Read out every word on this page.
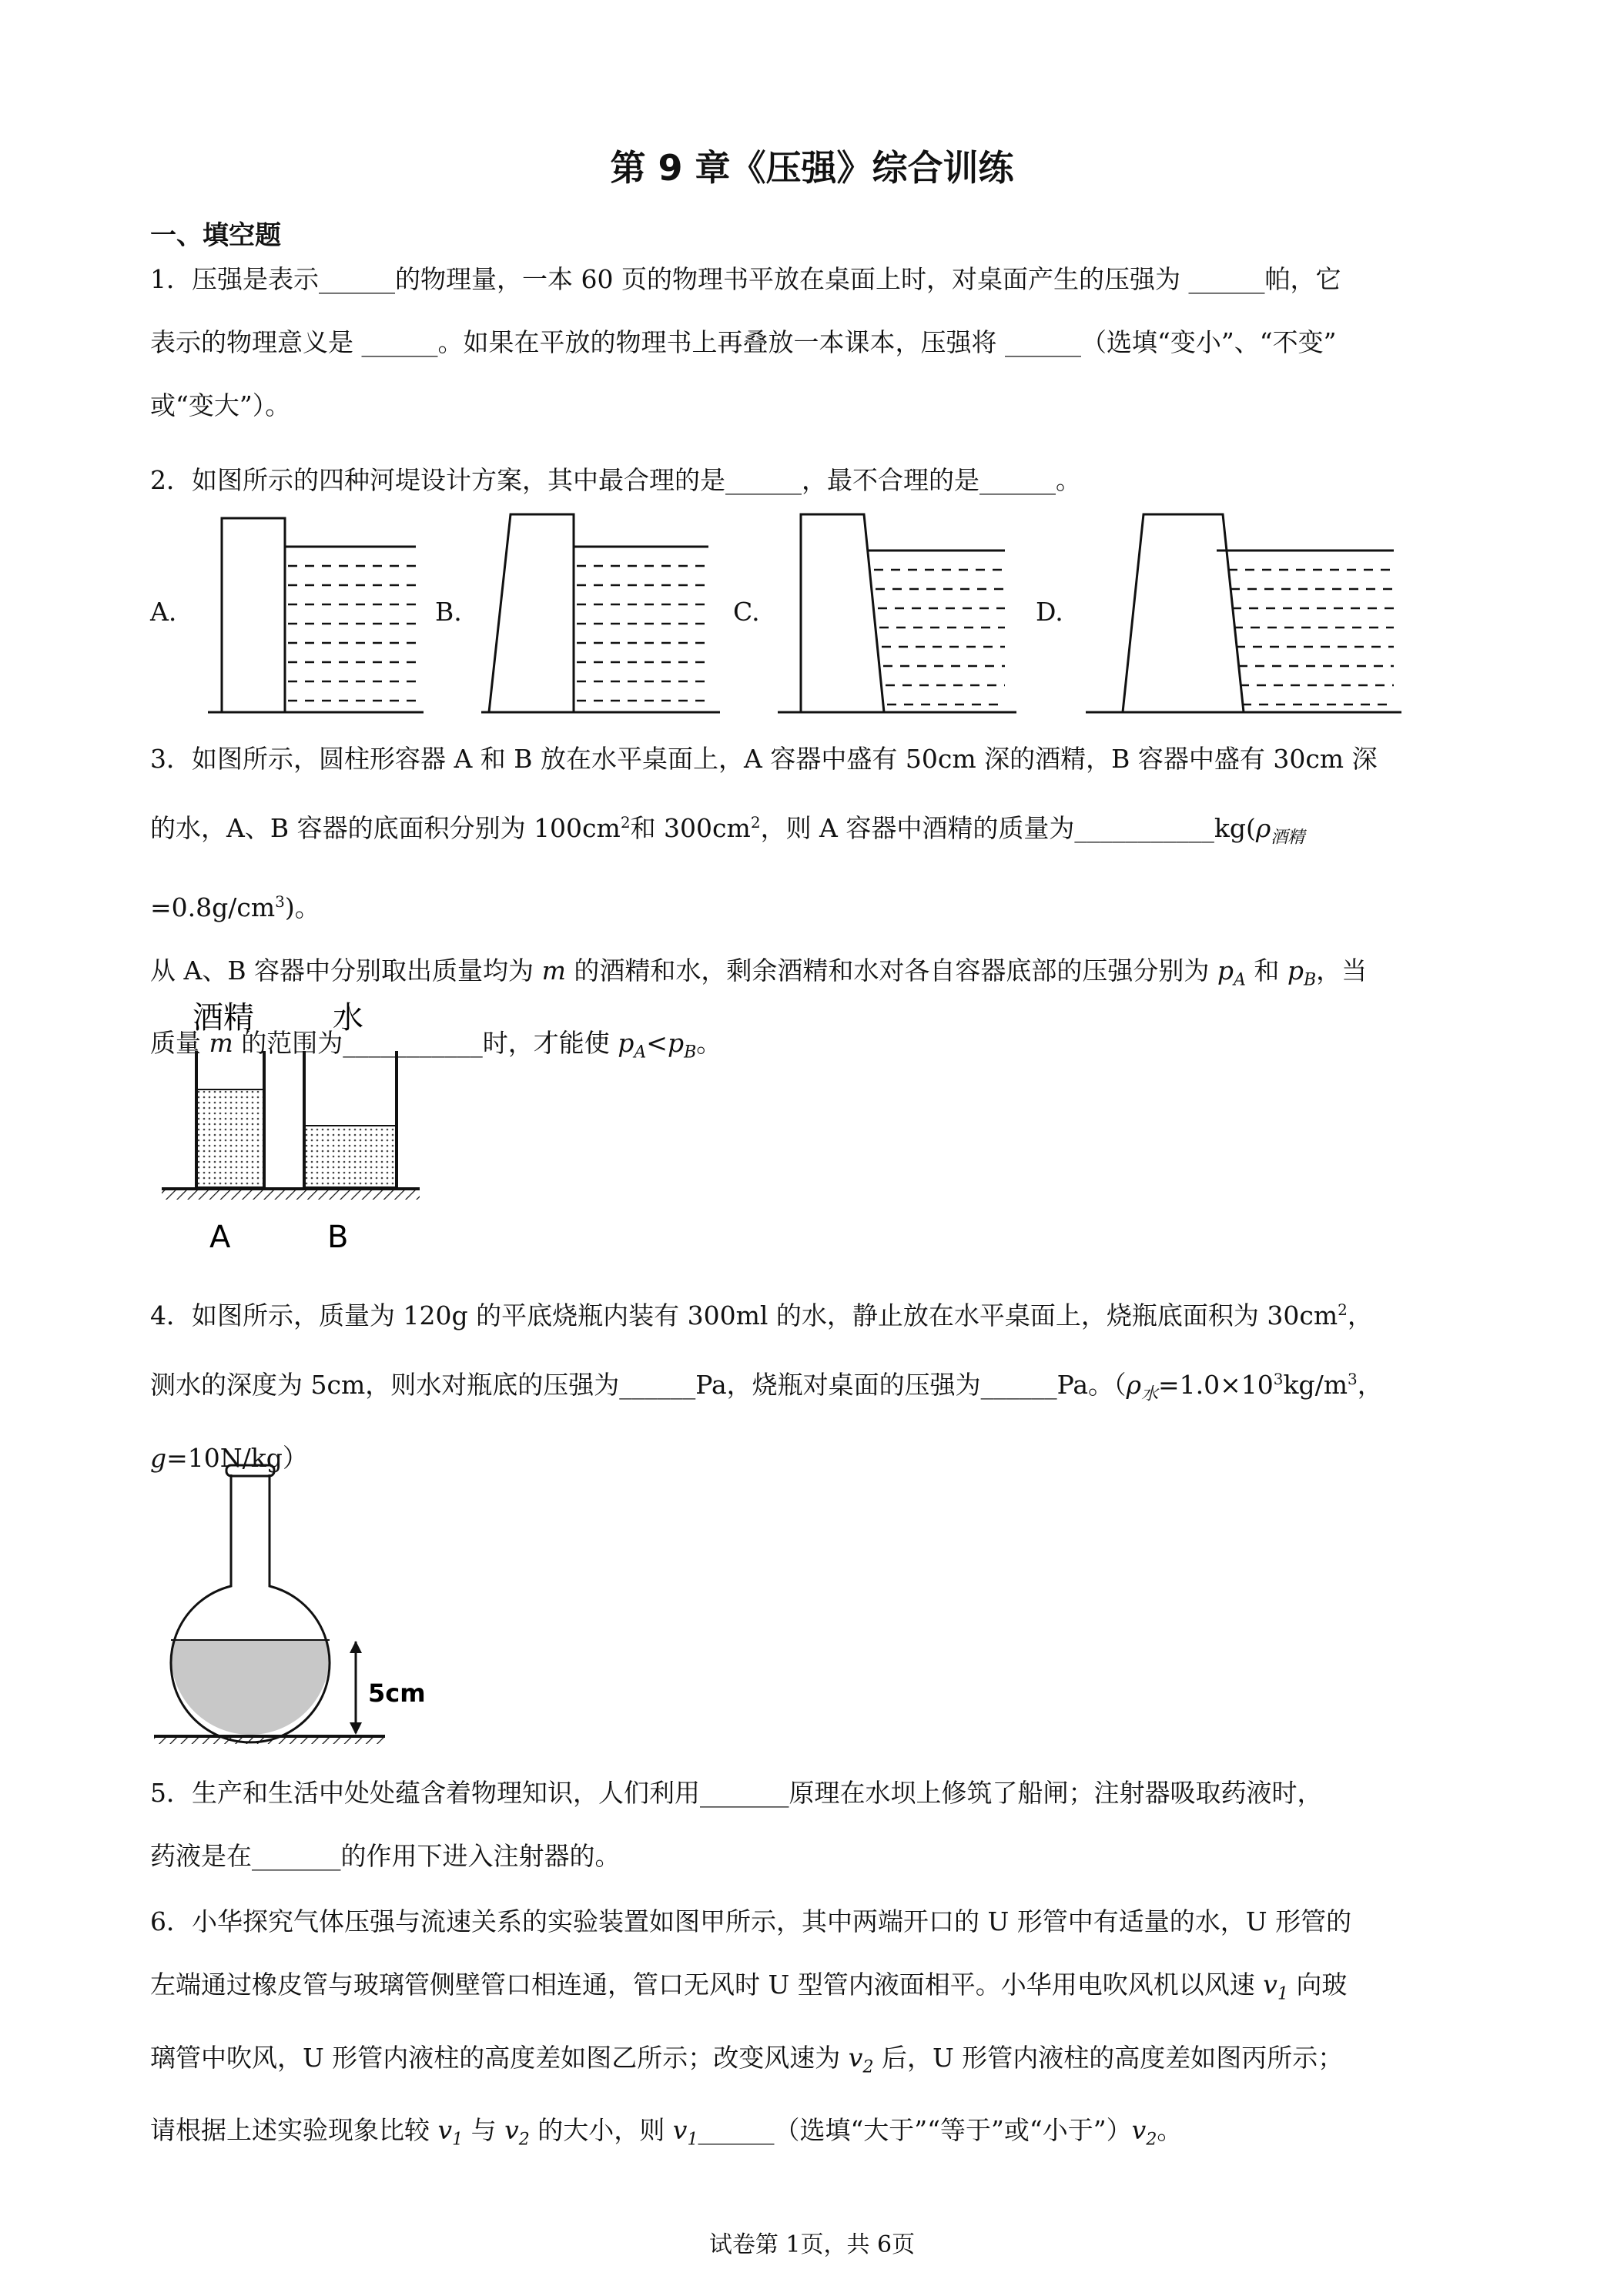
第 9 章《压强》综合训练
一、填空题

1．压强是表示______的物理量，一本 60 页的物理书平放在桌面上时，对桌面产生的压强为 ______帕，它

表示的物理意义是 ______。如果在平放的物理书上再叠放一本课本，压强将 ______（选填“变小”、“不变”

或“变大”）。

2．如图所示的四种河堤设计方案，其中最合理的是______，最不合理的是______。

A.	B.	C.	D.

3．如图所示，圆柱形容器 A 和 B 放在水平桌面上，A 容器中盛有 50cm 深的酒精，B 容器中盛有 30cm 深

的水，A、B 容器的底面积分别为 $100cm^2$和 $300cm^2$，则 A 容器中酒精的质量为$\_\_\_\_\_\_\_\_\_\_\_kg(\rho_{酒精}=0.8g/cm^3)$。

从 A、B 容器中分别取出质量均为 m 的酒精和水，剩余酒精和水对各自容器底部的压强分别为 $p_A$ 和 $p_B$，当

质量 m 的范围为___________时，才能使 $p_A<p_B$。

酒精	水
A	B

4．如图所示，质量为 120g 的平底烧瓶内装有 300ml 的水，静止放在水平桌面上，烧瓶底面积为 $30cm^2$，

测水的深度为 5cm，则水对瓶底的压强为______Pa，烧瓶对桌面的压强为______Pa。（$\rho_水=1.0\times 10^3kg/m^3$，

g=10N/kg）

5cm

5．生产和生活中处处蕴含着物理知识，人们利用_______原理在水坝上修筑了船闸；注射器吸取药液时，

药液是在_______的作用下进入注射器的。

6．小华探究气体压强与流速关系的实验装置如图甲所示，其中两端开口的 U 形管中有适量的水，U 形管的

左端通过橡皮管与玻璃管侧壁管口相连通，管口无风时 U 型管内液面相平。小华用电吹风机以风速 $v_1$ 向玻

璃管中吹风，U 形管内液柱的高度差如图乙所示；改变风速为 $v_2$ 后，U 形管内液柱的高度差如图丙所示；

请根据上述实验现象比较 $v_1$ 与 $v_2$ 的大小，则 $v_1\_\_\_\_\_\_$（选填“大于”“等于”或“小于$”)v_2$。

试卷第 1页，共 6页
